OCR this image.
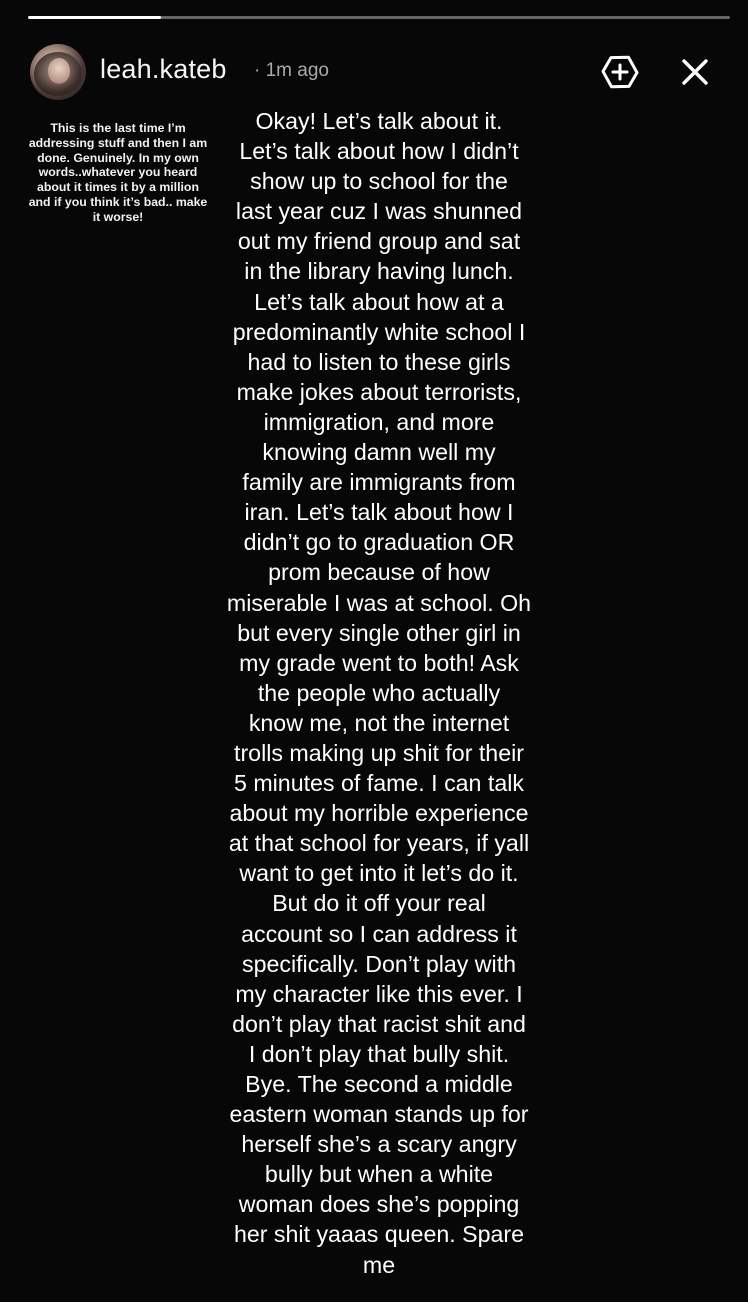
leah.kateb · 1m ago
This is the last time I’m addressing stuff and then I am done. Genuinely. In my own words..whatever you heard about it times it by a million and if you think it’s bad.. make it worse!
Okay! Let’s talk about it.
Let’s talk about how I didn’t
show up to school for the
last year cuz I was shunned
out my friend group and sat
in the library having lunch.
Let’s talk about how at a
predominantly white school I
had to listen to these girls
make jokes about terrorists,
immigration, and more
knowing damn well my
family are immigrants from
iran. Let’s talk about how I
didn’t go to graduation OR
prom because of how
miserable I was at school. Oh
but every single other girl in
my grade went to both! Ask
the people who actually
know me, not the internet
trolls making up shit for their
5 minutes of fame. I can talk
about my horrible experience
at that school for years, if yall
want to get into it let’s do it.
But do it off your real
account so I can address it
specifically. Don’t play with
my character like this ever. I
don’t play that racist shit and
I don’t play that bully shit.
Bye. The second a middle
eastern woman stands up for
herself she’s a scary angry
bully but when a white
woman does she’s popping
her shit yaaas queen. Spare
me
